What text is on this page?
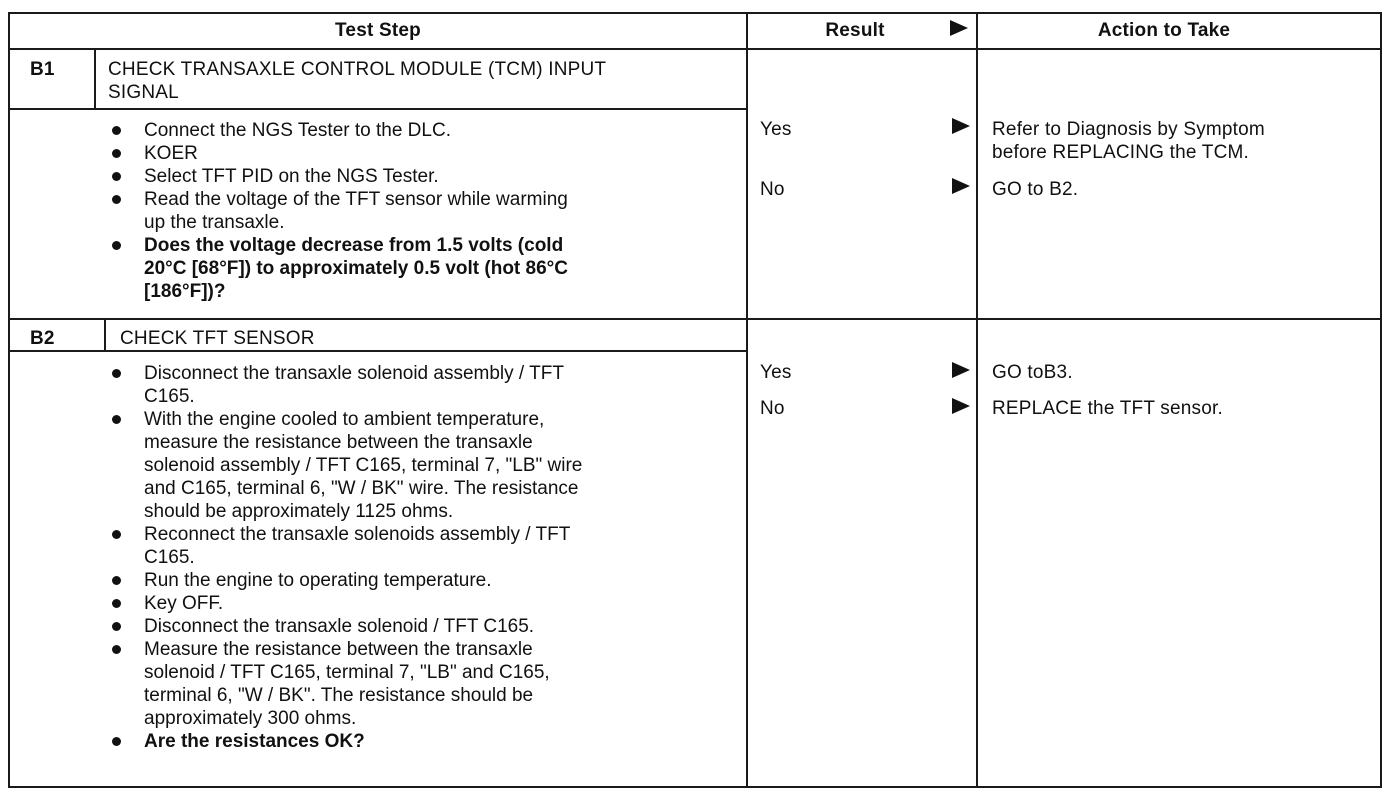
Test Step	Result	Action to Take
B1	CHECK TRANSAXLE CONTROL MODULE (TCM) INPUT
SIGNAL
Connect the NGS Tester to the DLC.
KOER
Select TFT PID on the NGS Tester.
Read the voltage of the TFT sensor while warming
up the transaxle.
Does the voltage decrease from 1.5 volts (cold
20°C [68°F]) to approximately 0.5 volt (hot 86°C
[186°F])?
Yes	Refer to Diagnosis by Symptom
before REPLACING the TCM.
No	GO to B2.
B2	CHECK TFT SENSOR
Disconnect the transaxle solenoid assembly / TFT
C165.
With the engine cooled to ambient temperature,
measure the resistance between the transaxle
solenoid assembly / TFT C165, terminal 7, "LB" wire
and C165, terminal 6, "W / BK" wire. The resistance
should be approximately 1125 ohms.
Reconnect the transaxle solenoids assembly / TFT
C165.
Run the engine to operating temperature.
Key OFF.
Disconnect the transaxle solenoid / TFT C165.
Measure the resistance between the transaxle
solenoid / TFT C165, terminal 7, "LB" and C165,
terminal 6, "W / BK". The resistance should be
approximately 300 ohms.
Are the resistances OK?
Yes	GO toB3.
No	REPLACE the TFT sensor.
